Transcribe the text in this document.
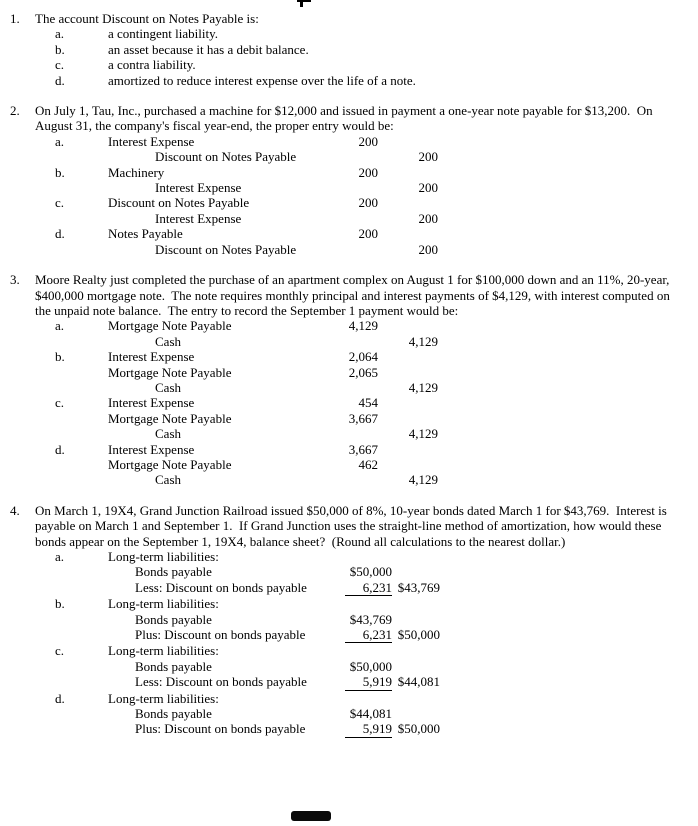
1.	The account Discount on Notes Payable is:
a.	a contingent liability.
b.	an asset because it has a debit balance.
c.	a contra liability.
d.	amortized to reduce interest expense over the life of a note.
2.	On July 1, Tau, Inc., purchased a machine for $12,000 and issued in payment a one-year note payable for $13,200.  On August 31, the company's fiscal year-end, the proper entry would be:
a.	Interest Expense	200
Discount on Notes Payable	200
b.	Machinery	200
Interest Expense	200
c.	Discount on Notes Payable	200
Interest Expense	200
d.	Notes Payable	200
Discount on Notes Payable	200
3.	Moore Realty just completed the purchase of an apartment complex on August 1 for $100,000 down and an 11%, 20-year, $400,000 mortgage note.  The note requires monthly principal and interest payments of $4,129, with interest computed on the unpaid note balance.  The entry to record the September 1 payment would be:
a.	Mortgage Note Payable	4,129
Cash	4,129
b.	Interest Expense	2,064
Mortgage Note Payable	2,065
Cash	4,129
c.	Interest Expense	454
Mortgage Note Payable	3,667
Cash	4,129
d.	Interest Expense	3,667
Mortgage Note Payable	462
Cash	4,129
4.	On March 1, 19X4, Grand Junction Railroad issued $50,000 of 8%, 10-year bonds dated March 1 for $43,769.  Interest is payable on March 1 and September 1.  If Grand Junction uses the straight-line method of amortization, how would these bonds appear on the September 1, 19X4, balance sheet?  (Round all calculations to the nearest dollar.)
a.	Long-term liabilities:
Bonds payable	$50,000
Less: Discount on bonds payable	6,231 $43,769
b.	Long-term liabilities:
Bonds payable	$43,769
Plus: Discount on bonds payable	6,231 $50,000
c.	Long-term liabilities:
Bonds payable	$50,000
Less: Discount on bonds payable	5,919 $44,081
d.	Long-term liabilities:
Bonds payable	$44,081
Plus: Discount on bonds payable	5,919 $50,000
